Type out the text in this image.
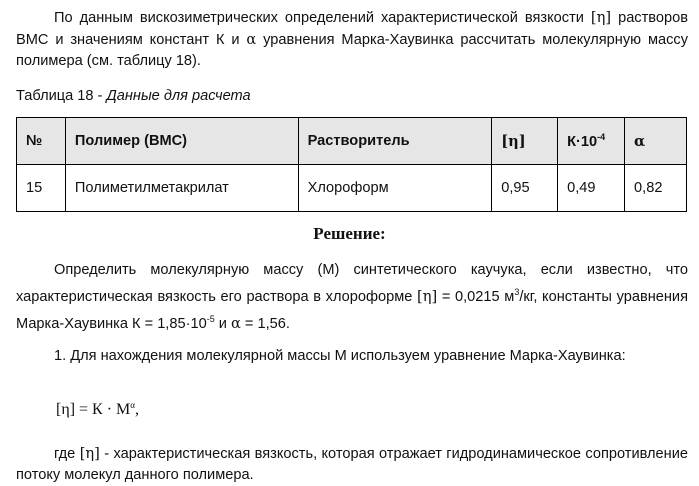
По данным вискозиметрических определений характеристической вязкости [η] растворов ВМС и значениям констант К и α уравнения Марка-Хаувинка рассчитать молекулярную массу полимера (см. таблицу 18).
Таблица 18 - Данные для расчета
№	Полимер (ВМС)	Растворитель	[η]	$К\cdot 10^{-4}$	α
15	Полиметилметакрилат	Хлороформ	0,95	0,49	0,82
Решение:
Определить молекулярную массу (М) синтетического каучука, если известно, что характеристическая вязкость его раствора в хлороформе [η] = 0,0215 $м^3/кг$, константы уравнения Марка-Хаувинка $К = 1,85\cdot 10^{-5}$ и α = 1,56.
1. Для нахождения молекулярной массы М используем уравнение Марка-Хаувинка:
$[\eta] = К \cdot М^\alpha$,
где [η] - характеристическая вязкость, которая отражает гидродинамическое сопротивление потоку молекул данного полимера.
